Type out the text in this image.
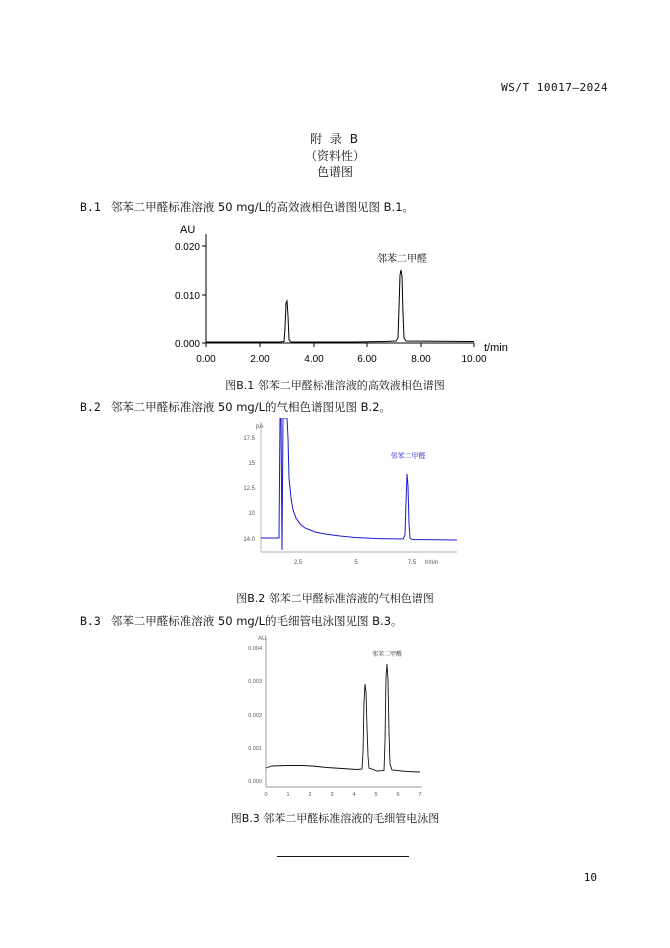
WS/T 10017—2024
附 录 B
（资料性）
色谱图
B.1 邻苯二甲醛标准溶液 50 mg/L的高效液相色谱图见图 B.1。
AU
0.020
0.010
0.000
0.00	2.00	4.00	6.00	8.00	10.00
t/min
邻苯二甲醛
图B.1 邻苯二甲醛标准溶液的高效液相色谱图
B.2 邻苯二甲醛标准溶液 50 mg/L的气相色谱图见图 B.2。
pA
17.5
15
12.5
10
14.0
2.5	5	7.5 t/min
邻苯二甲醛
图B.2 邻苯二甲醛标准溶液的气相色谱图
B.3 邻苯二甲醛标准溶液 50 mg/L的毛细管电泳图见图 B.3。
AU
0.004
0.003
0.002
0.001
0.000
0	1	2	3	4	5	6	7
邻苯二甲醛
图B.3 邻苯二甲醛标准溶液的毛细管电泳图
10
